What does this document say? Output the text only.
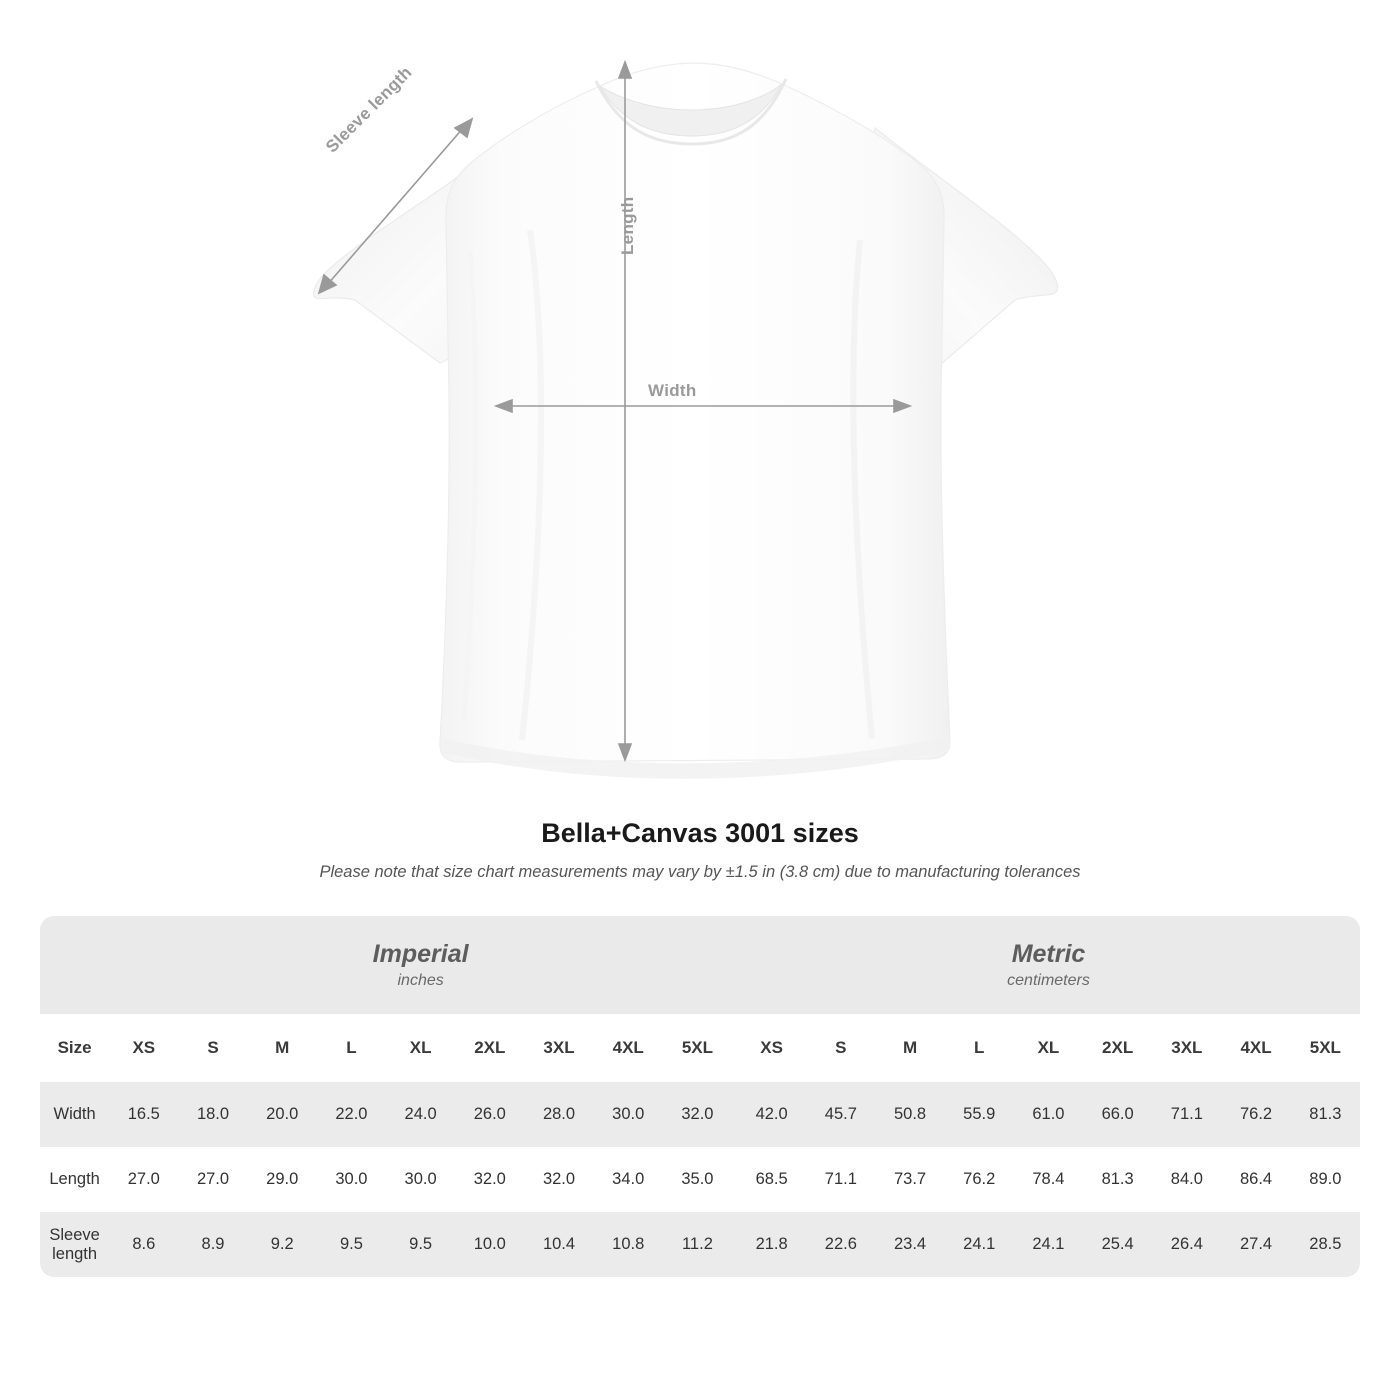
Length
Width
Sleeve length
Bella+Canvas 3001 sizes

Please note that size chart measurements may vary by ±1.5 in (3.8 cm) due to manufacturing tolerances

Imperial
inches

Metric
centimeters

Size	XS	S	M	L	XL	2XL	3XL	4XL	5XL		XS	S	M	L	XL	2XL	3XL	4XL	5XL
Width	16.5	18.0	20.0	22.0	24.0	26.0	28.0	30.0	32.0		42.0	45.7	50.8	55.9	61.0	66.0	71.1	76.2	81.3
Length	27.0	27.0	29.0	30.0	30.0	32.0	32.0	34.0	35.0		68.5	71.1	73.7	76.2	78.4	81.3	84.0	86.4	89.0
Sleeve length	8.6	8.9	9.2	9.5	9.5	10.0	10.4	10.8	11.2		21.8	22.6	23.4	24.1	24.1	25.4	26.4	27.4	28.5
